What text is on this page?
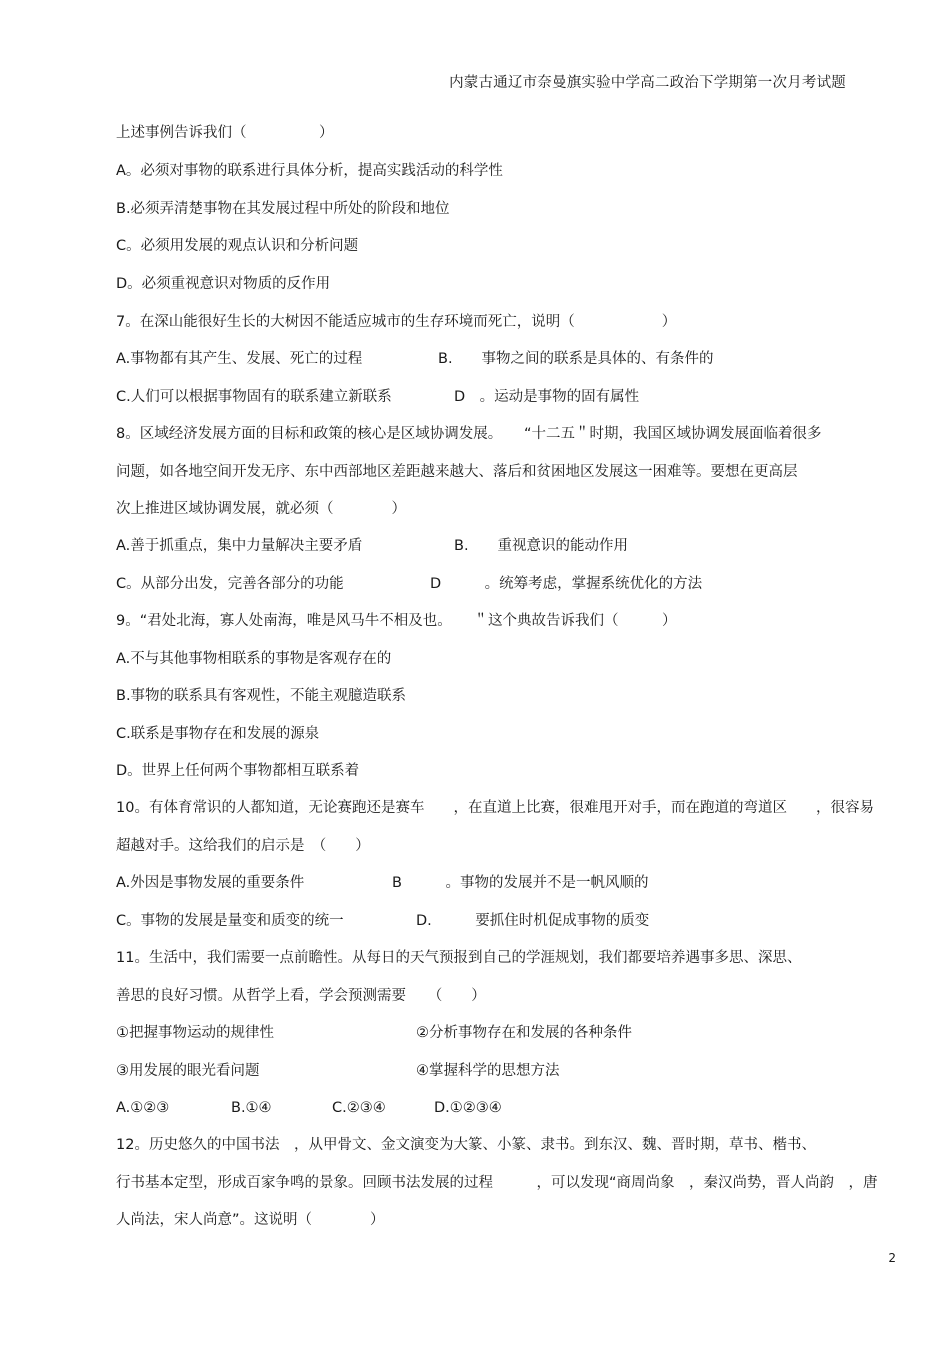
内蒙古通辽市奈曼旗实验中学高二政治下学期第一次月考试题
上述事例告诉我们（　　　　　）
A。必须对事物的联系进行具体分析，提高实践活动的科学性
B.必须弄清楚事物在其发展过程中所处的阶段和地位
C。必须用发展的观点认识和分析问题
D。必须重视意识对物质的反作用
7。在深山能很好生长的大树因不能适应城市的生存环境而死亡，说明（　　　　　　）
A.事物都有其产生、发展、死亡的过程	B.　　事物之间的联系是具体的、有条件的
C.人们可以根据事物固有的联系建立新联系	D　。运动是事物的固有属性
8。区域经济发展方面的目标和政策的核心是区域协调发展。　　“十二五＂时期，我国区域协调发展面临着很多
问题，如各地空间开发无序、东中西部地区差距越来越大、落后和贫困地区发展这一困难等。要想在更高层
次上推进区域协调发展，就必须（　　　　）
A.善于抓重点，集中力量解决主要矛盾	B.　　重视意识的能动作用
C。从部分出发，完善各部分的功能	D　　　。统筹考虑，掌握系统优化的方法
9。“君处北海，寡人处南海，唯是风马牛不相及也。　　＂这个典故告诉我们（　　　）
A.不与其他事物相联系的事物是客观存在的
B.事物的联系具有客观性，不能主观臆造联系
C.联系是事物存在和发展的源泉
D。世界上任何两个事物都相互联系着
10。有体育常识的人都知道，无论赛跑还是赛车　　，在直道上比赛，很难甩开对手，而在跑道的弯道区　　，很容易
超越对手。这给我们的启示是　（　　）
A.外因是事物发展的重要条件	B　　　。事物的发展并不是一帆风顺的
C。事物的发展是量变和质变的统一	D.　　　要抓住时机促成事物的质变
11。生活中，我们需要一点前瞻性。从每日的天气预报到自己的学涯规划，我们都要培养遇事多思、深思、
善思的良好习惯。从哲学上看，学会预测需要　　（　　）
①把握事物运动的规律性	②分析事物存在和发展的各种条件
③用发展的眼光看问题	④掌握科学的思想方法
A.①②③	B.①④	C.②③④	D.①②③④
12。历史悠久的中国书法　，从甲骨文、金文演变为大篆、小篆、隶书。到东汉、魏、晋时期，草书、楷书、
行书基本定型，形成百家争鸣的景象。回顾书法发展的过程　　　，可以发现“商周尚象　，秦汉尚势，晋人尚韵　，唐
人尚法，宋人尚意”。这说明（　　　　）
2
